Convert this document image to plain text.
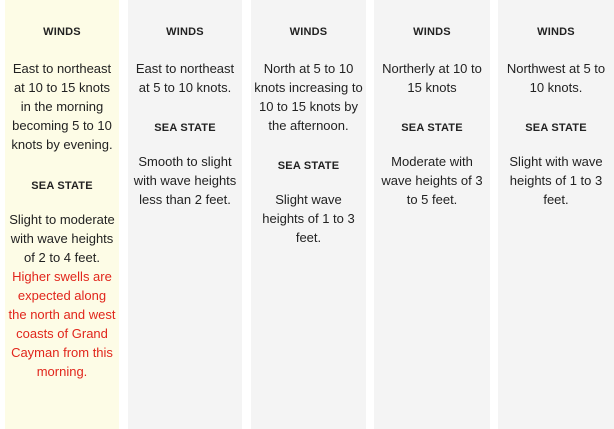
WINDS
East to northeast at 10 to 15 knots in the morning becoming 5 to 10 knots by evening.
SEA STATE
Slight to moderate with wave heights of 2 to 4 feet. Higher swells are expected along the north and west coasts of Grand Cayman from this morning.
WINDS
East to northeast at 5 to 10 knots.
SEA STATE
Smooth to slight with wave heights less than 2 feet.
WINDS
North at 5 to 10 knots increasing to 10 to 15 knots by the afternoon.
SEA STATE
Slight wave heights of 1 to 3 feet.
WINDS
Northerly at 10 to 15 knots
SEA STATE
Moderate with wave heights of 3 to 5 feet.
WINDS
Northwest at 5 to 10 knots.
SEA STATE
Slight with wave heights of 1 to 3 feet.
